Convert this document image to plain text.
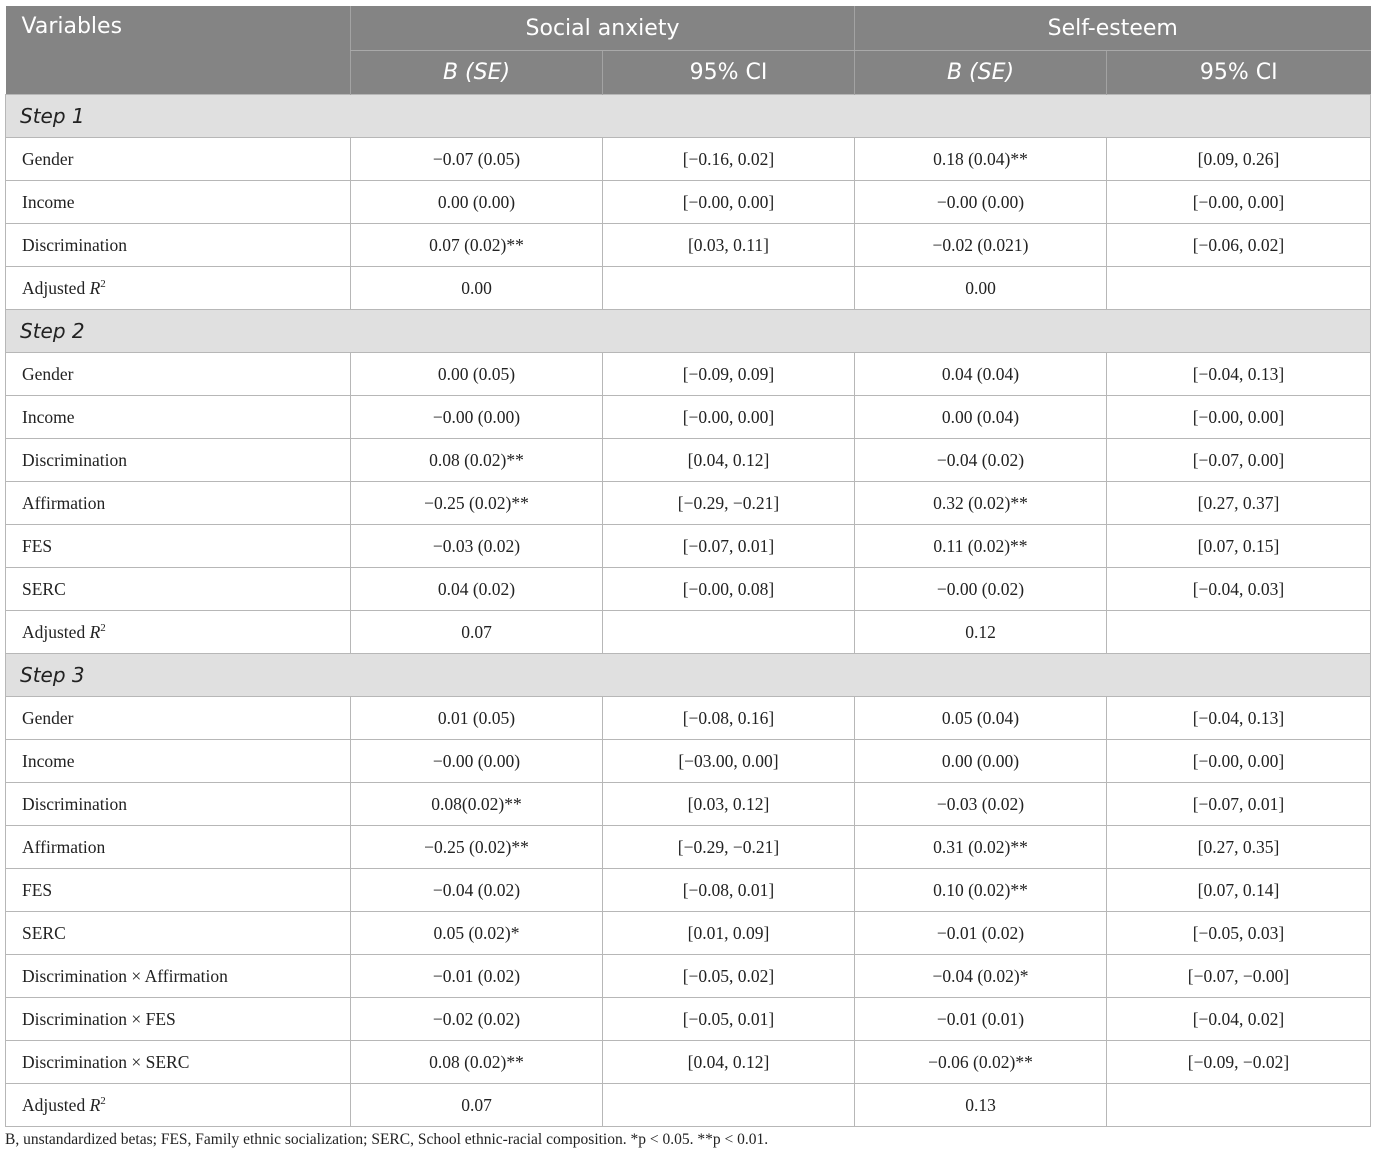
Variables	Social anxiety		Self-esteem	
	B (SE)	95% CI	B (SE)	95% CI
Step 1				
Gender	−0.07 (0.05)	[−0.16, 0.02]	0.18 (0.04)**	[0.09, 0.26]
Income	0.00 (0.00)	[−0.00, 0.00]	−0.00 (0.00)	[−0.00, 0.00]
Discrimination	0.07 (0.02)**	[0.03, 0.11]	−0.02 (0.021)	[−0.06, 0.02]
Adjusted $R^2$	0.00		0.00	
Step 2				
Gender	0.00 (0.05)	[−0.09, 0.09]	0.04 (0.04)	[−0.04, 0.13]
Income	−0.00 (0.00)	[−0.00, 0.00]	0.00 (0.04)	[−0.00, 0.00]
Discrimination	0.08 (0.02)**	[0.04, 0.12]	−0.04 (0.02)	[−0.07, 0.00]
Affirmation	−0.25 (0.02)**	[−0.29, −0.21]	0.32 (0.02)**	[0.27, 0.37]
FES	−0.03 (0.02)	[−0.07, 0.01]	0.11 (0.02)**	[0.07, 0.15]
SERC	0.04 (0.02)	[−0.00, 0.08]	−0.00 (0.02)	[−0.04, 0.03]
Adjusted $R^2$	0.07		0.12	
Step 3				
Gender	0.01 (0.05)	[−0.08, 0.16]	0.05 (0.04)	[−0.04, 0.13]
Income	−0.00 (0.00)	[−03.00, 0.00]	0.00 (0.00)	[−0.00, 0.00]
Discrimination	0.08(0.02)**	[0.03, 0.12]	−0.03 (0.02)	[−0.07, 0.01]
Affirmation	−0.25 (0.02)**	[−0.29, −0.21]	0.31 (0.02)**	[0.27, 0.35]
FES	−0.04 (0.02)	[−0.08, 0.01]	0.10 (0.02)**	[0.07, 0.14]
SERC	0.05 (0.02)*	[0.01, 0.09]	−0.01 (0.02)	[−0.05, 0.03]
Discrimination × Affirmation	−0.01 (0.02)	[−0.05, 0.02]	−0.04 (0.02)*	[−0.07, −0.00]
Discrimination × FES	−0.02 (0.02)	[−0.05, 0.01]	−0.01 (0.01)	[−0.04, 0.02]
Discrimination × SERC	0.08 (0.02)**	[0.04, 0.12]	−0.06 (0.02)**	[−0.09, −0.02]
Adjusted $R^2$	0.07		0.13	
B, unstandardized betas; FES, Family ethnic socialization; SERC, School ethnic-racial composition. *p < 0.05. **p < 0.01.
